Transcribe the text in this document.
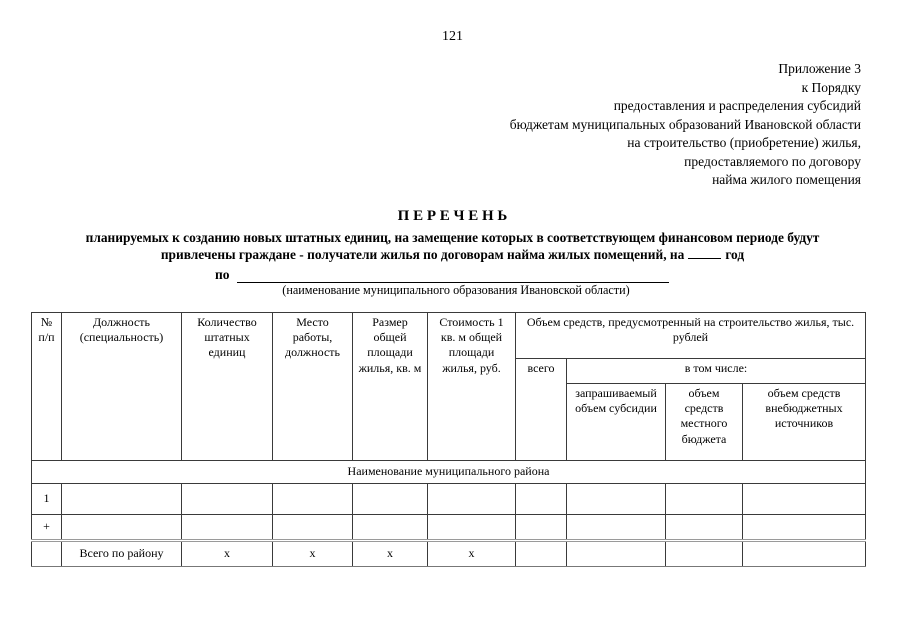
121
Приложение 3
к Порядку
предоставления и распределения субсидий
бюджетам муниципальных образований Ивановской области
на строительство (приобретение) жилья,
предоставляемого по договору
найма жилого помещения
П Е Р Е Ч Е Н Ь
планируемых к созданию новых штатных единиц, на замещение которых в соответствующем финансовом периоде будут
привлечены граждане - получатели жилья по договорам найма жилых помещений, на	год
по
(наименование муниципального образования Ивановской области)
№ п/п	Должность (специальность)	Количество штатных единиц	Место работы, должность	Размер общей площади жилья, кв. м	Стоимость 1 кв. м общей площади жилья, руб.	Объем средств, предусмотренный на строительство жилья, тыс. рублей			
						всего	в том числе:		
							запрашиваемый объем субсидии	объем средств местного бюджета	объем средств внебюджетных источников
Наименование муниципального района									
1									
+									
	Всего по району	х	х	х	х				
